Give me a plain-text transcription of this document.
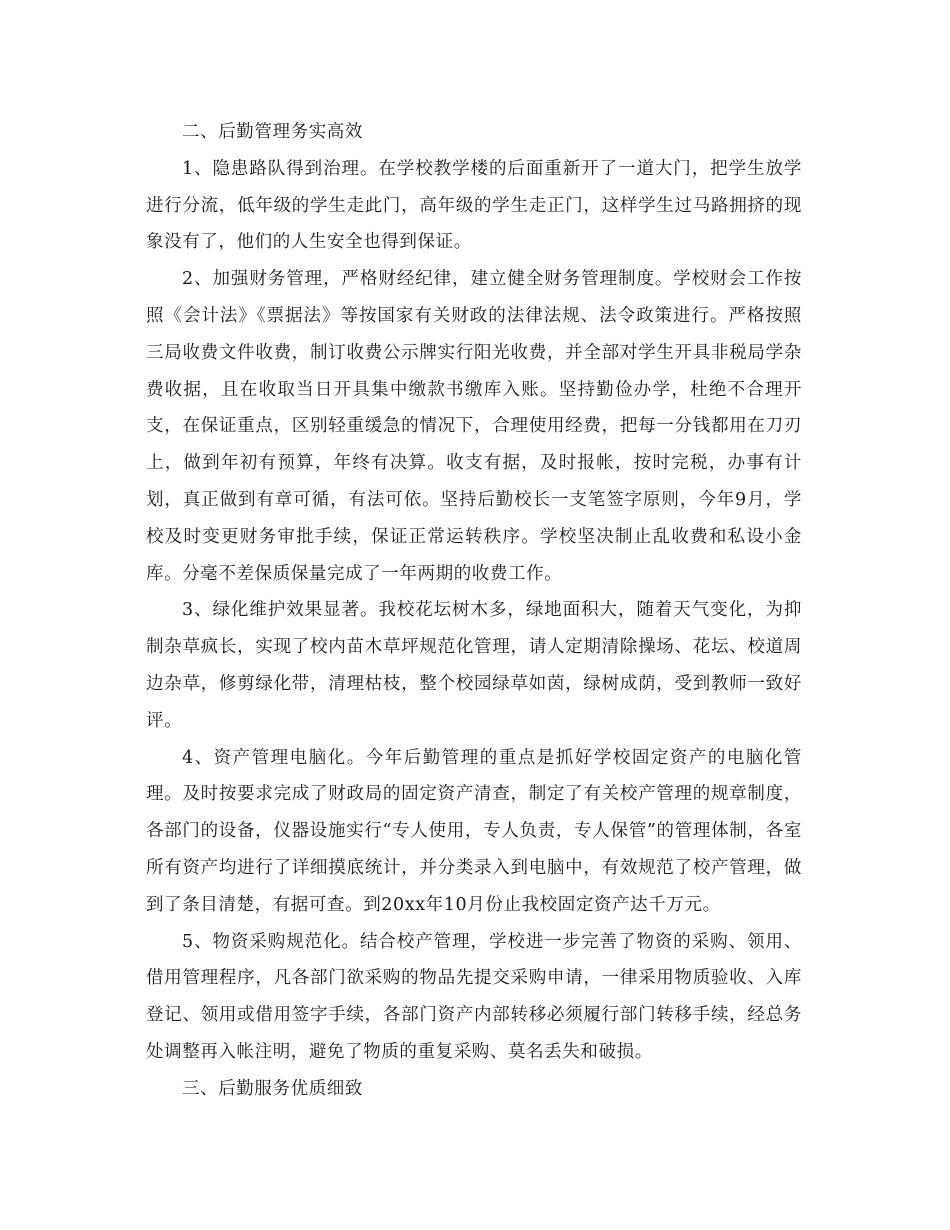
二、后勤管理务实高效

1、隐患路队得到治理。在学校教学楼的后面重新开了一道大门，把学生放学进行分流，低年级的学生走此门，高年级的学生走正门，这样学生过马路拥挤的现象没有了，他们的人生安全也得到保证。

2、加强财务管理，严格财经纪律，建立健全财务管理制度。学校财会工作按照《会计法》《票据法》等按国家有关财政的法律法规、法令政策进行。严格按照三局收费文件收费，制订收费公示牌实行阳光收费，并全部对学生开具非税局学杂费收据，且在收取当日开具集中缴款书缴库入账。坚持勤俭办学，杜绝不合理开支，在保证重点，区别轻重缓急的情况下，合理使用经费，把每一分钱都用在刀刃上，做到年初有预算，年终有决算。收支有据，及时报帐，按时完税，办事有计划，真正做到有章可循，有法可依。坚持后勤校长一支笔签字原则，今年9月，学校及时变更财务审批手续，保证正常运转秩序。学校坚决制止乱收费和私设小金库。分毫不差保质保量完成了一年两期的收费工作。

3、绿化维护效果显著。我校花坛树木多，绿地面积大，随着天气变化，为抑制杂草疯长，实现了校内苗木草坪规范化管理，请人定期清除操场、花坛、校道周边杂草，修剪绿化带，清理枯枝，整个校园绿草如茵，绿树成荫，受到教师一致好评。

4、资产管理电脑化。今年后勤管理的重点是抓好学校固定资产的电脑化管理。及时按要求完成了财政局的固定资产清查，制定了有关校产管理的规章制度，各部门的设备，仪器设施实行“专人使用，专人负责，专人保管”的管理体制，各室所有资产均进行了详细摸底统计，并分类录入到电脑中，有效规范了校产管理，做到了条目清楚，有据可查。到20xx年10月份止我校固定资产达千万元。

5、物资采购规范化。结合校产管理，学校进一步完善了物资的采购、领用、借用管理程序，凡各部门欲采购的物品先提交采购申请，一律采用物质验收、入库登记、领用或借用签字手续，各部门资产内部转移必须履行部门转移手续，经总务处调整再入帐注明，避免了物质的重复采购、莫名丢失和破损。

三、后勤服务优质细致
